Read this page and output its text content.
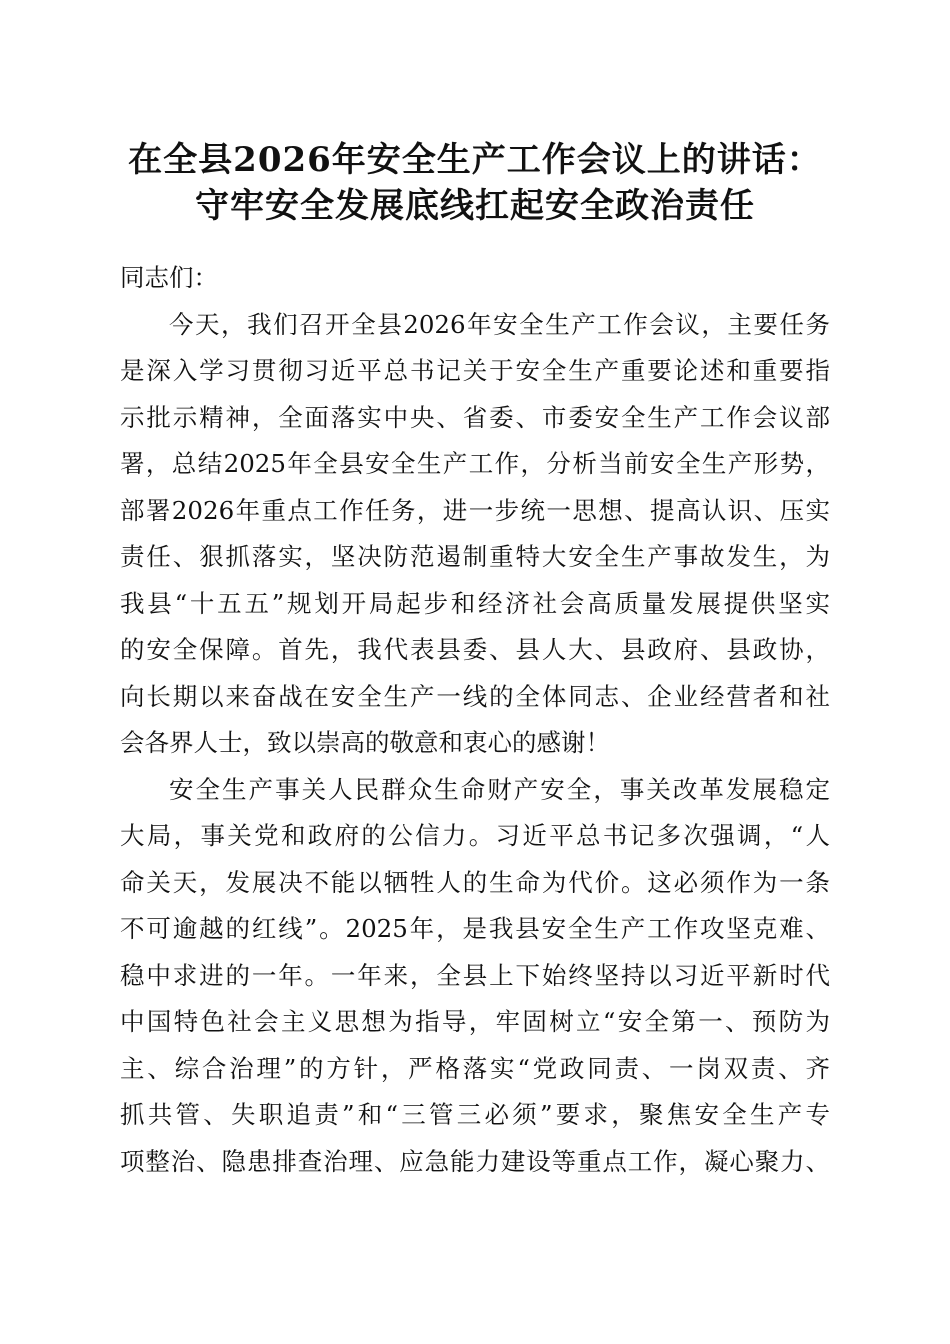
在全县2026年安全生产工作会议上的讲话：
守牢安全发展底线扛起安全政治责任
同志们：
今天，我们召开全县2026年安全生产工作会议，主要任务
是深入学习贯彻习近平总书记关于安全生产重要论述和重要指
示批示精神，全面落实中央、省委、市委安全生产工作会议部
署，总结2025年全县安全生产工作，分析当前安全生产形势，
部署2026年重点工作任务，进一步统一思想、提高认识、压实
责任、狠抓落实，坚决防范遏制重特大安全生产事故发生，为
我县“十五五”规划开局起步和经济社会高质量发展提供坚实
的安全保障。首先，我代表县委、县人大、县政府、县政协，
向长期以来奋战在安全生产一线的全体同志、企业经营者和社
会各界人士，致以崇高的敬意和衷心的感谢！
安全生产事关人民群众生命财产安全，事关改革发展稳定
大局，事关党和政府的公信力。习近平总书记多次强调，“人
命关天，发展决不能以牺牲人的生命为代价。这必须作为一条
不可逾越的红线”。2025年，是我县安全生产工作攻坚克难、
稳中求进的一年。一年来，全县上下始终坚持以习近平新时代
中国特色社会主义思想为指导，牢固树立“安全第一、预防为
主、综合治理”的方针，严格落实“党政同责、一岗双责、齐
抓共管、失职追责”和“三管三必须”要求，聚焦安全生产专
项整治、隐患排查治理、应急能力建设等重点工作，凝心聚力、
